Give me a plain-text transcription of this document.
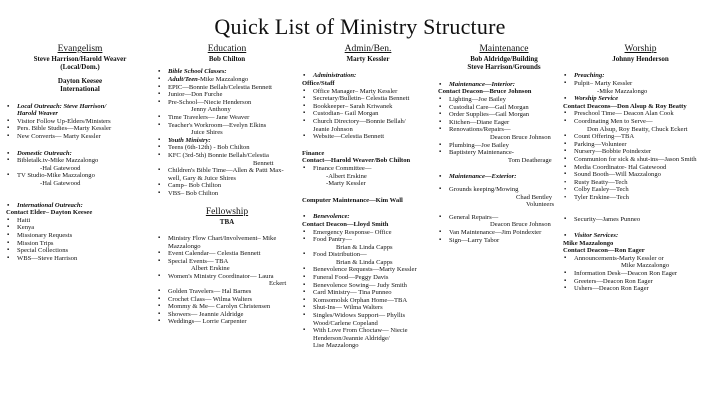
Quick List of Ministry Structure
Evangelism
Steve Harrison/Harold Weaver
(Local/Dom.)
Dayton Keesee
International
• Local Outreach: Steve Harrison/
Harold Weaver
▪ Visitor Follow Up-Elders/Ministers
▪ Pers. Bible Studies—Marty Kessler
▪ New Converts— Marty Kessler
• Domestic Outreach:
▪ Bibletalk.tv-Mike Mazzalongo
-Hal Gatewood
▪ TV Studio-Mike Mazzalongo
-Hal Gatewood
• International Outreach:
Contact Elder– Dayton Keesee
▪ Haiti
▪ Kenya
▪ Missionary Requests
▪ Mission Trips
▪ Special Collections
▪ WBS—Steve Harrison
Education
Bob Chilton
• Bible School Classes:
▪ Adult/Teen-Mike Mazzalongo
▪ EPIC—Bonnie Bellah/Celestia Bennett
▪ Junior—Don Furche
▪ Pre-School—Niecie Henderson
Jenny Anthony
▪ Time Travelers— Jane Weaver
▪ Teacher's Workroom—Evelyn Elkins
Juice Shires
▪ Youth Ministry:
▪ Teens (6th-12th) - Bob Chilton
▪ KFC (3rd-5th) Bonnie Bellah/Celestia
Bennett
▪ Children's Bible Time—Allen & Patti Max-
well, Gary & Juice Shires
▪ Camp– Bob Chilton
▪ VBS– Bob Chilton
Fellowship
TBA
▪ Ministry Flow Chart/Involvement– Mike
Mazzalongo
▪ Event Calendar— Celestia Bennett
▪ Special Events— TBA
Albert Erskine
▪ Women's Ministry Coordinator— Laura
Eckert
▪ Golden Travelers— Hal Barnes
▪ Crochet Class— Wilma Walters
▪ Mommy & Me— Carolyn Christensen
▪ Showers— Jeannie Aldridge
▪ Weddings— Lorrie Carpenter
Admin/Ben.
Marty Kessler
• Administration:
Office/Staff
▪ Office Manager– Marty Kessler
▪ Secretary/Bulletin– Celestia Bennett
▪ Bookkeeper– Sarah Kriwanek
▪ Custodian– Gail Morgan
▪ Church Directory—Bonnie Bellah/
Jeanie Johnson
▪ Website—Celestia Bennett
Finance
Contact—Harold Weaver/Bob Chilton
▪ Finance Committee—
-Albert Erskine
-Marty Kessler
Computer Maintenance—Kim Wall
• Benevolence:
Contact Deacon—Lloyd Smith
▪ Emergency Response– Office
▪ Food Pantry—
Brian & Linda Capps
▪ Food Distribution—
Brian & Linda Capps
▪ Benevolence Requests—Marty Kessler
▪ Funeral Food—Peggy Davis
▪ Benevolence Sowing— Judy Smith
▪ Card Ministry— Tina Punneo
▪ Komsomolsk Orphan Home—TBA
▪ Shut-Ins— Wilma Walters
▪ Singles/Widows Support— Phyllis
Wood/Carlene Copeland
▪ With Love From Choctaw— Niecie
Henderson/Jeannie Aldridge/
Lise Mazzalongo
Maintenance
Bob Aldridge/Building
Steve Harrison/Grounds
• Maintenance—Interior:
Contact Deacon—Bruce Johnson
▪ Lighting—Joe Bailey
▪ Custodial Care—Gail Morgan
▪ Order Supplies—Gail Morgan
▪ Kitchen—Diane Eager
▪ Renovations/Repairs—
Deacon Bruce Johnson
▪ Plumbing—Joe Bailey
▪ Baptistery Maintenance-
Tom Deatherage
• Maintenance—Exterior:
▪ Grounds keeping/Mowing
Chad Bentley
Volunteers
▪ General Repairs—
Deacon Bruce Johnson
▪ Van Maintenance—Jim Poindexter
▪ Sign—Larry Tabor
Worship
Johnny Henderson
• Preaching:
▪ Pulpit– Marty Kessler
-Mike Mazzalongo
• Worship Service
Contact Deacons—Don Alsup & Roy Beatty
▪ Preschool Time— Deacon Alan Cook
▪ Coordinating Men to Serve—
Don Alsup, Roy Beatty, Chuck Eckert
▪ Count Offering—TBA
▪ Parking—Volunteer
▪ Nursery—Bobbie Poindexter
▪ Communion for sick & shut-ins—Jason Smith
▪ Media Coordinator- Hal Gatewood
▪ Sound Booth—Will Mazzalongo
• Rusty Beatty—Tech
• Colby Easley—Tech
• Tyler Erskine—Tech
▪ Security—James Punneo
• Visitor Services:
Mike Mazzalongo
Contact Deacon—Ron Eager
▪ Announcements-Marty Kessler or
Mike Mazzalongo
▪ Information Desk—Deacon Ron Eager
▪ Greeters—Deacon Ron Eager
▪ Ushers—Deacon Ron Eager
